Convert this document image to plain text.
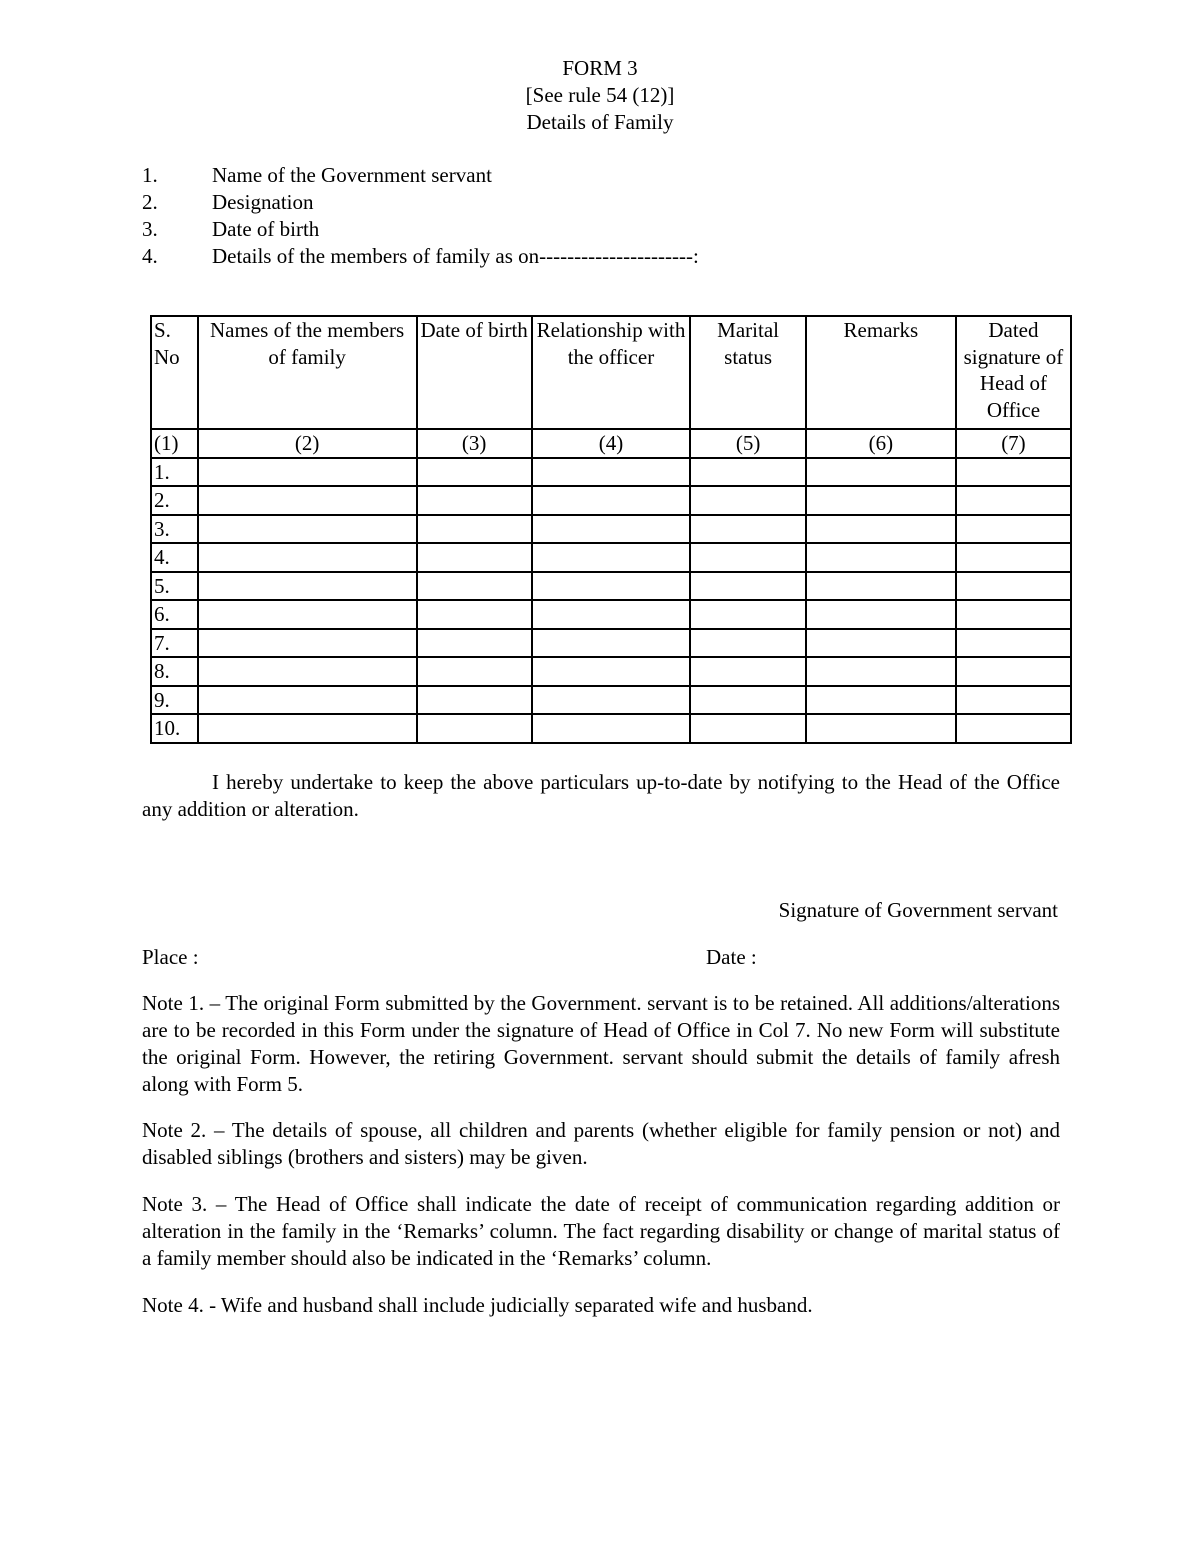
FORM 3
[See rule 54 (12)]
Details of Family
1.	Name of the Government servant
2.	Designation
3.	Date of birth
4.	Details of the members of family as on----------------------:
S. No	Names of the members of family	Date of birth	Relationship with the officer	Marital status	Remarks	Dated signature of Head of Office
(1)	(2)	(3)	(4)	(5)	(6)	(7)
1.						
2.						
3.						
4.						
5.						
6.						
7.						
8.						
9.						
10.						
I hereby undertake to keep the above particulars up-to-date by notifying to the Head of the Office any addition or alteration.
Signature of Government servant
Place :	Date :
Note 1. – The original Form submitted by the Government. servant is to be retained. All additions/alterations are to be recorded in this Form under the signature of Head of Office in Col 7. No new Form will substitute the original Form. However, the retiring Government. servant should submit the details of family afresh along with Form 5.
Note 2. – The details of spouse, all children and parents (whether eligible for family pension or not) and disabled siblings (brothers and sisters) may be given.
Note 3. – The Head of Office shall indicate the date of receipt of communication regarding addition or alteration in the family in the ‘Remarks’ column. The fact regarding disability or change of marital status of a family member should also be indicated in the ‘Remarks’ column.
Note 4. - Wife and husband shall include judicially separated wife and husband.
